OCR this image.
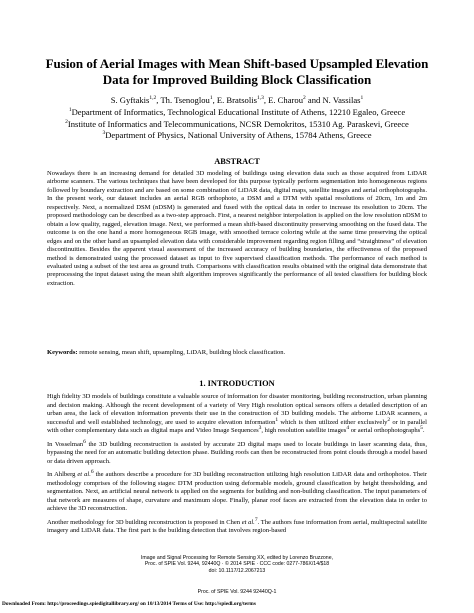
Fusion of Aerial Images with Mean Shift-based Upsampled Elevation
Data for Improved Building Block Classification

S. Gyftakis$^{1,2}$, Th. Tsenoglou$^1$, E. Bratsolis$^{1,3}$, E. Charou$^2$ and N. Vassilas$^1$

$^1$Department of Informatics, Technological Educational Institute of Athens, 12210 Egaleo, Greece
$^2$Institute of Informatics and Telecommunications, NCSR Demokritos, 15310 Ag. Paraskevi, Greece
$^3$Department of Physics, National University of Athens, 15784 Athens, Greece
ABSTRACT

Nowadays there is an increasing demand for detailed 3D modeling of buildings using elevation data such as those acquired from LiDAR airborne scanners. The various techniques that have been developed for this purpose typically perform segmentation into homogeneous regions followed by boundary extraction and are based on some combination of LiDAR data, digital maps, satellite images and aerial orthophotographs. In the present work, our dataset includes an aerial RGB orthophoto, a DSM and a DTM with spatial resolutions of 20cm, 1m and 2m respectively. Next, a normalized DSM (nDSM) is generated and fused with the optical data in order to increase its resolution to 20cm. The proposed methodology can be described as a two-step approach. First, a nearest neighbor interpolation is applied on the low resolution nDSM to obtain a low quality, ragged, elevation image. Next, we performed a mean shift-based discontinuity preserving smoothing on the fused data. The outcome is on the one hand a more homogeneous RGB image, with smoothed terrace coloring while at the same time preserving the optical edges and on the other hand an upsampled elevation data with considerable improvement regarding region filling and “straightness” of elevation discontinuities. Besides the apparent visual assessment of the increased accuracy of building boundaries, the effectiveness of the proposed method is demonstrated using the processed dataset as input to five supervised classification methods. The performance of each method is evaluated using a subset of the test area as ground truth. Comparisons with classification results obtained with the original data demonstrate that preprocessing the input dataset using the mean shift algorithm improves significantly the performance of all tested classifiers for building block extraction.

Keywords: remote sensing, mean shift, upsampling, LiDAR, building block classification.

1. INTRODUCTION

High fidelity 3D models of buildings constitute a valuable source of information for disaster monitoring, building reconstruction, urban planning and decision making. Although the recent development of a variety of Very High resolution optical sensors offers a detailed description of an urban area, the lack of elevation information prevents their use in the construction of 3D building models. The airborne LiDAR scanners, a successful and well established technology, are used to acquire elevation information$^1$ which is then utilized either exclusively$^2$ or in parallel with other complementary data such as digital maps and Video Image Sequences$^3$, high resolution satellite images$^4$ or aerial orthophotographs$^5$.

In Vosselman$^6$ the 3D building reconstruction is assisted by accurate 2D digital maps used to locate buildings in laser scanning data, thus, bypassing the need for an automatic building detection phase. Building roofs can then be reconstructed from point clouds through a model based or data driven approach.

In Ahlberg et al.$^6$ the authors describe a procedure for 3D building reconstruction utilizing high resolution LiDAR data and orthophotos. Their methodology comprises of the following stages: DTM production using deformable models, ground classification by height thresholding, and segmentation. Next, an artificial neural network is applied on the segments for building and non-building classification. The input parameters of that network are measures of shape, curvature and maximum slope. Finally, planar roof faces are extracted from the elevation data in order to achieve the 3D reconstruction.

Another methodology for 3D building reconstruction is proposed in Chen et al.$^7$. The authors fuse information from aerial, multispectral satellite imagery and LiDAR data. The first part is the building detection that involves region-based

Image and Signal Processing for Remote Sensing XX, edited by Lorenzo Bruzzone,
Proc. of SPIE Vol. 9244, 92440Q · © 2014 SPIE · CCC code: 0277-786X/14/$18
doi: 10.1117/12.2067213
Proc. of SPIE Vol. 9244 92440Q-1
Downloaded From: http://proceedings.spiedigitallibrary.org/ on 10/13/2014 Terms of Use: http://spiedl.org/terms
